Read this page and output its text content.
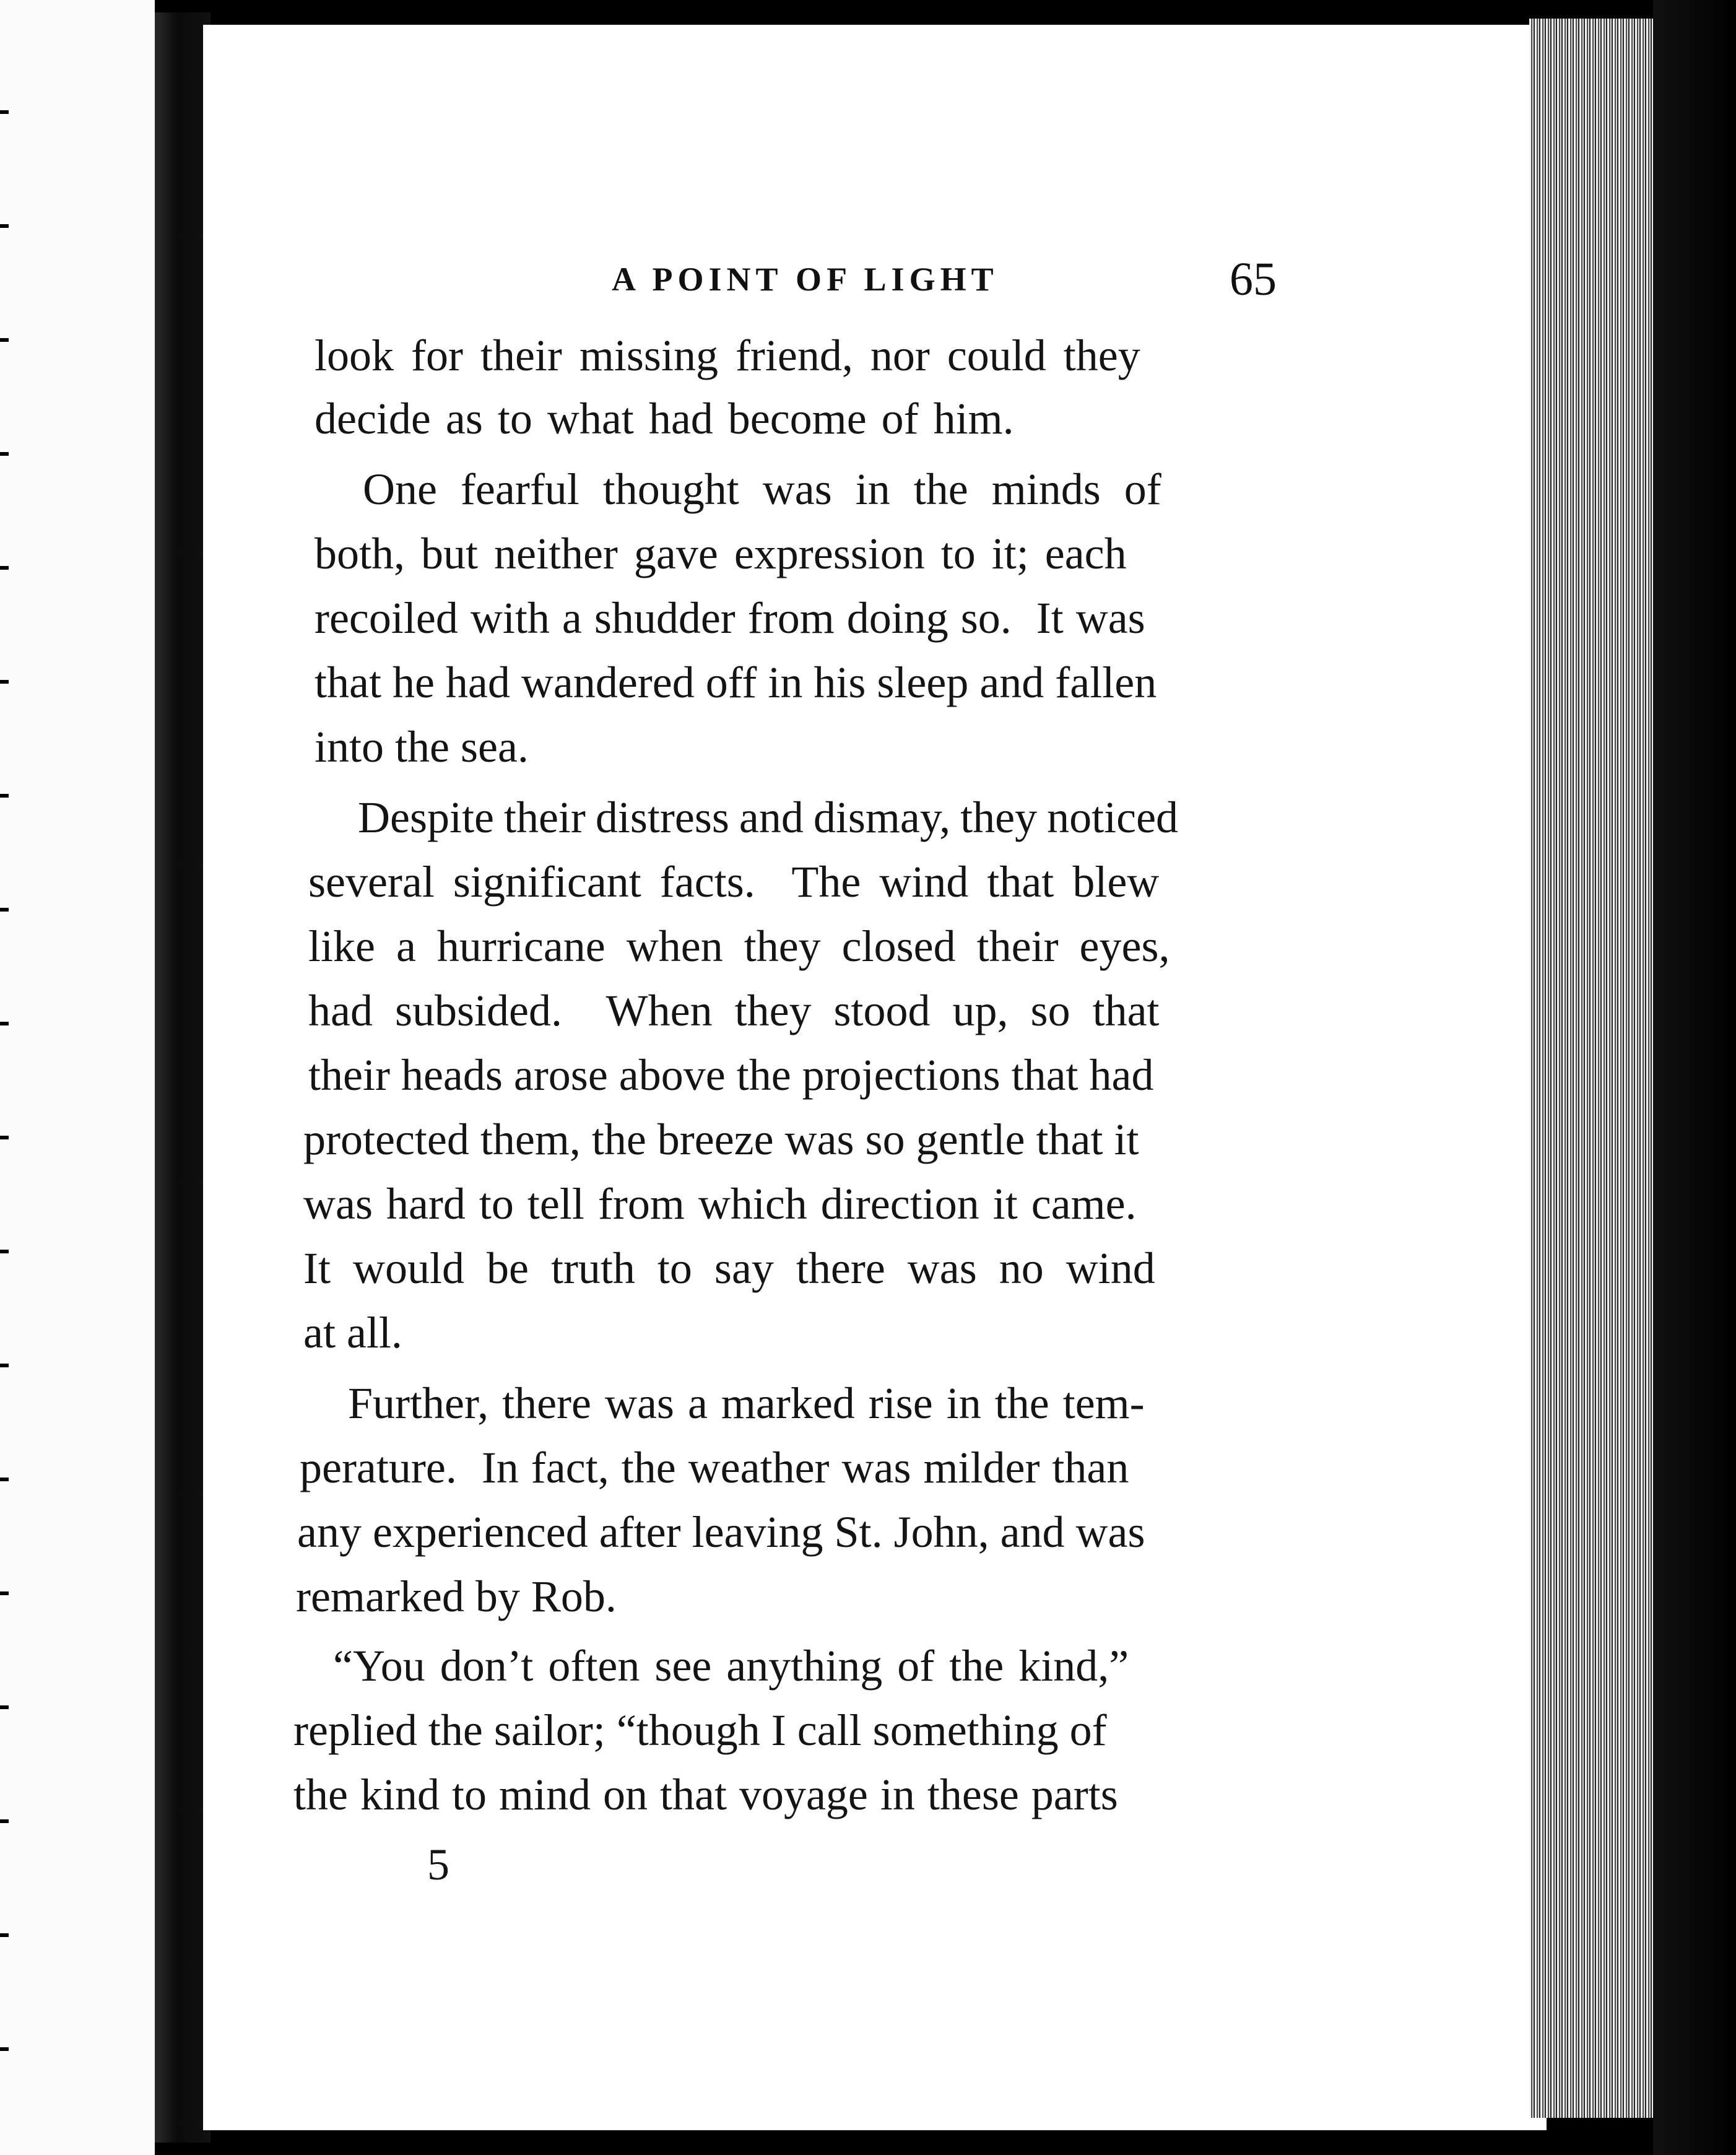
A POINT OF LIGHT	65
look for their missing friend, nor could they
decide as to what had become of him.
One fearful thought was in the minds of
both, but neither gave expression to it; each
recoiled with a shudder from doing so.  It was
that he had wandered off in his sleep and fallen
into the sea.
Despite their distress and dismay, they noticed
several significant facts.  The wind that blew
like a hurricane when they closed their eyes,
had subsided.  When they stood up, so that
their heads arose above the projections that had
protected them, the breeze was so gentle that it
was hard to tell from which direction it came.
It would be truth to say there was no wind
at all.
Further, there was a marked rise in the tem-
perature.  In fact, the weather was milder than
any experienced after leaving St. John, and was
remarked by Rob.
“You don’t often see anything of the kind,”
replied the sailor; “though I call something of
the kind to mind on that voyage in these parts
5
